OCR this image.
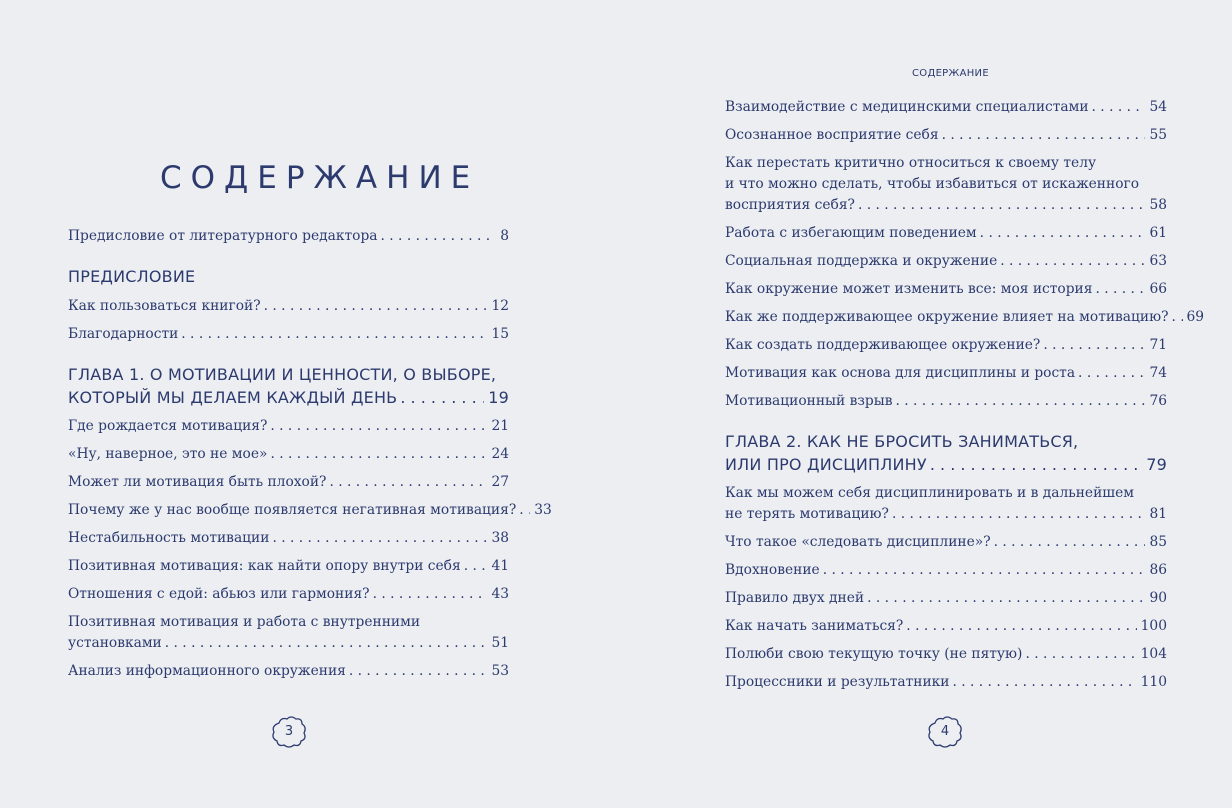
СОДЕРЖАНИЕ
Предисловие от литературного редактора . . .	8
ПРЕДИСЛОВИЕ
Как пользоваться книгой? . . .	12
Благодарности . . .	15
ГЛАВА 1. О МОТИВАЦИИ И ЦЕННОСТИ, О ВЫБОРЕ,
КОТОРЫЙ МЫ ДЕЛАЕМ КАЖДЫЙ ДЕНЬ . . .	19
Где рождается мотивация? . . .	21
«Ну, наверное, это не мое» . . .	24
Может ли мотивация быть плохой? . . .	27
Почему же у нас вообще появляется негативная мотивация? . . . 33
Нестабильность мотивации . . .	38
Позитивная мотивация: как найти опору внутри себя . . . 41
Отношения с едой: абьюз или гармония? . . .	43
Позитивная мотивация и работа с внутренними
установками . . .	51
Анализ информационного окружения . . .	53
3
СОДЕРЖАНИЕ
Взаимодействие с медицинскими специалистами . . .	54
Осознанное восприятие себя . . .	55
Как перестать критично относиться к своему телу
и что можно сделать, чтобы избавиться от искаженного
восприятия себя? . . .	58
Работа с избегающим поведением . . .	61
Социальная поддержка и окружение . . .	63
Как окружение может изменить все: моя история . . .	66
Как же поддерживающее окружение влияет на мотивацию? . . . 69
Как создать поддерживающее окружение? . . .	71
Мотивация как основа для дисциплины и роста . . .	74
Мотивационный взрыв . . .	76
ГЛАВА 2. КАК НЕ БРОСИТЬ ЗАНИМАТЬСЯ,
ИЛИ ПРО ДИСЦИПЛИНУ . . .	79
Как мы можем себя дисциплинировать и в дальнейшем
не терять мотивацию? . . .	81
Что такое «следовать дисциплине»? . . .	85
Вдохновение . . .	86
Правило двух дней . . .	90
Как начать заниматься? . . .	100
Полюби свою текущую точку (не пятую) . . .	104
Процессники и результатники . . .	110
4
